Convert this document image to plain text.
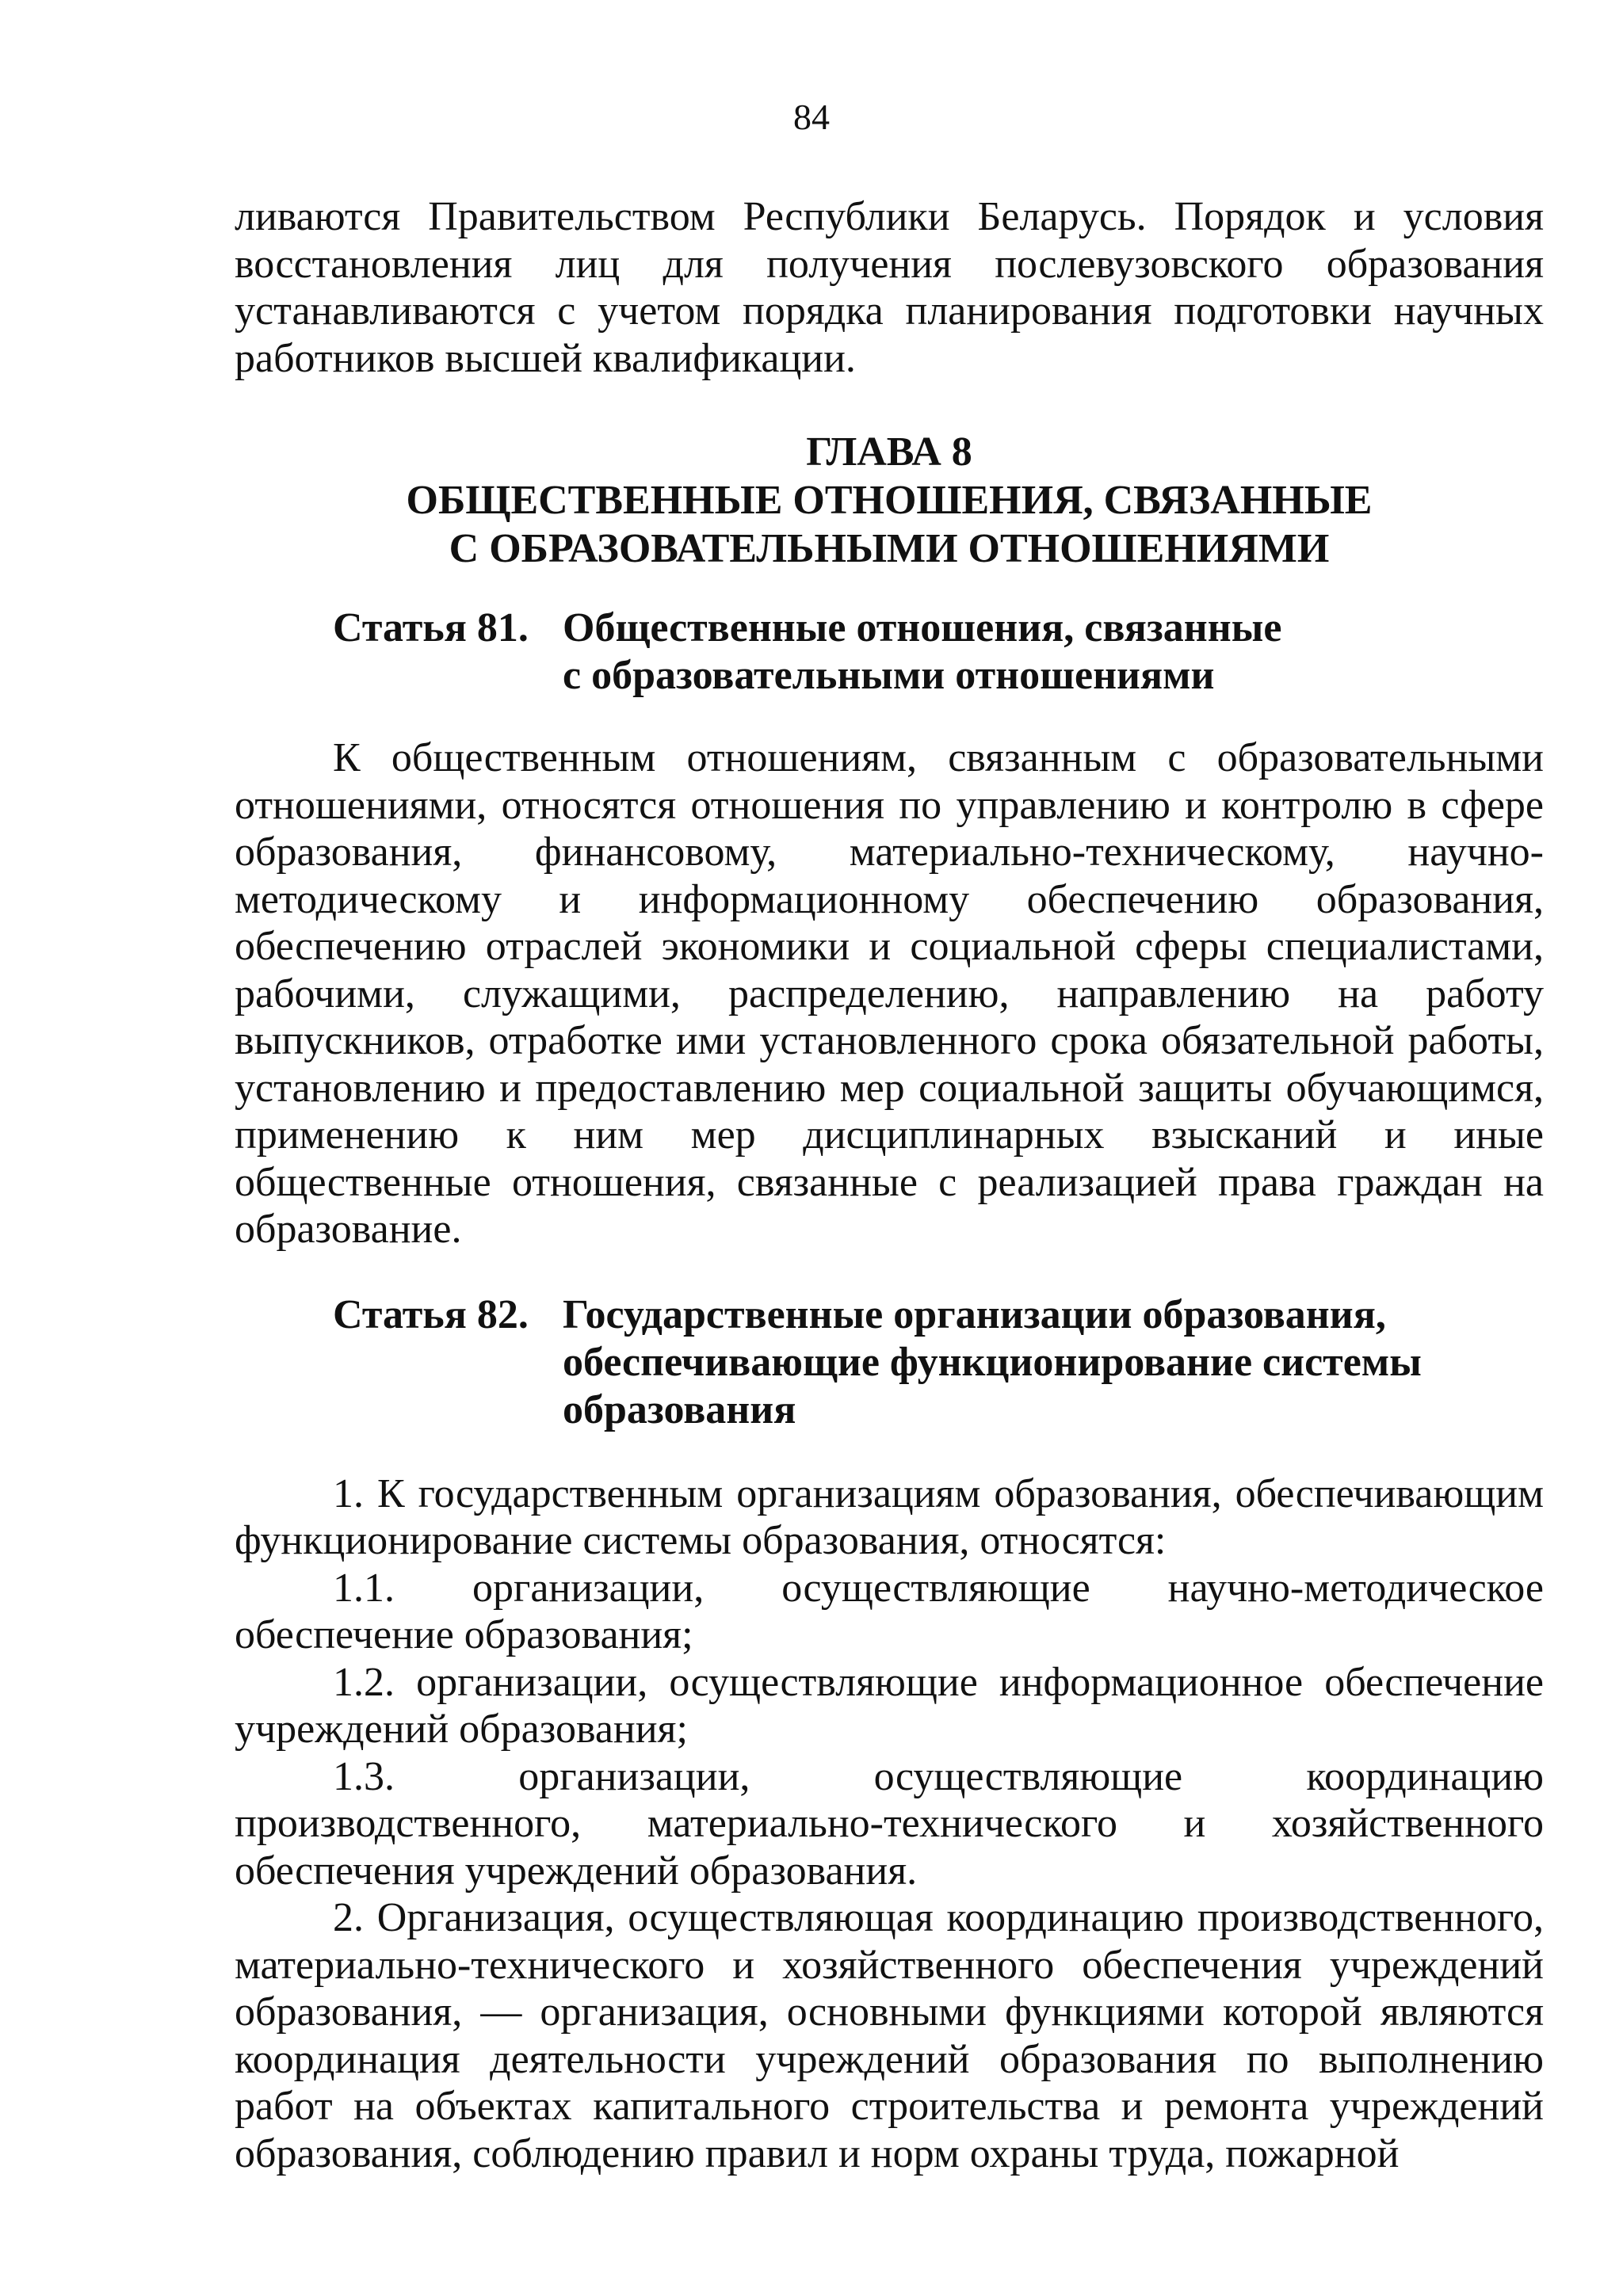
84

ливаются Правительством Республики Беларусь. Порядок и условия восстановления лиц для получения послевузовского образования устанавливаются с учетом порядка планирования подготовки научных работников высшей квалификации.

ГЛАВА 8
ОБЩЕСТВЕННЫЕ ОТНОШЕНИЯ, СВЯЗАННЫЕ
С ОБРАЗОВАТЕЛЬНЫМИ ОТНОШЕНИЯМИ
Статья 81. Общественные отношения, связанные
с образовательными отношениями

К общественным отношениям, связанным с образовательными отношениями, относятся отношения по управлению и контролю в сфере образования, финансовому, материально-техническому, научно-методическому и информационному обеспечению образования, обеспечению отраслей экономики и социальной сферы специалистами, рабочими, служащими, распределению, направлению на работу выпускников, отработке ими установленного срока обязательной работы, установлению и предоставлению мер социальной защиты обучающимся, применению к ним мер дисциплинарных взысканий и иные общественные отношения, связанные с реализацией права граждан на образование.

Статья 82. Государственные организации образования,
обеспечивающие функционирование системы
образования

1. К государственным организациям образования, обеспечивающим функционирование системы образования, относятся:

1.1. организации, осуществляющие научно-методическое обеспечение образования;

1.2. организации, осуществляющие информационное обеспечение учреждений образования;

1.3. организации, осуществляющие координацию производственного, материально-технического и хозяйственного обеспечения учреждений образования.

2. Организация, осуществляющая координацию производственного, материально-технического и хозяйственного обеспечения учреждений образования, — организация, основными функциями которой являются координация деятельности учреждений образования по выполнению работ на объектах капитального строительства и ремонта учреждений образования, соблюдению правил и норм охраны труда, пожарной
